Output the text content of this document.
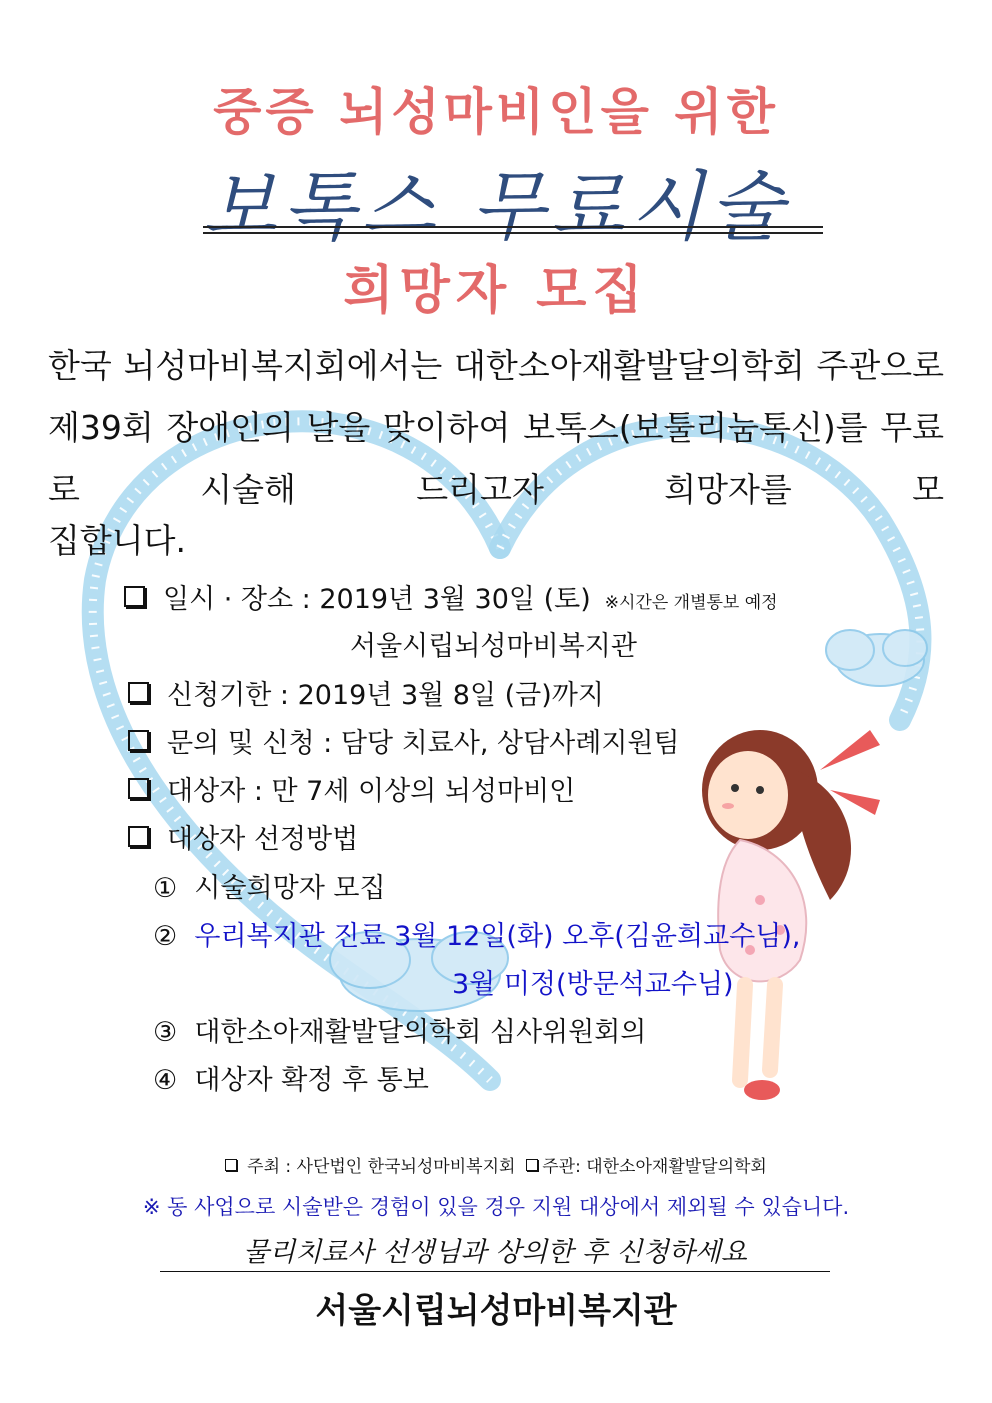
중증 뇌성마비인을 위한
보톡스 무료시술
희망자 모집
한국 뇌성마비복지회에서는 대한소아재활발달의학회 주관으로 제39회 장애인의 날을 맞이하여 보톡스(보툴리눔톡신)를 무료로 시술해 드리고자 희망자를 모
집합니다.
일시 · 장소 : 2019년 3월 30일 (토) ※시간은 개별통보 예정
서울시립뇌성마비복지관
신청기한 : 2019년 3월 8일 (금)까지
문의 및 신청 : 담당 치료사, 상담사례지원팀
대상자 : 만 7세 이상의 뇌성마비인
대상자 선정방법
① 시술희망자 모집
② 우리복지관 진료 3월 12일(화) 오후(김윤희교수님),
3월 미정(방문석교수님)
③ 대한소아재활발달의학회 심사위원회의
④ 대상자 확정 후 통보
주최 : 사단법인 한국뇌성마비복지회 주관: 대한소아재활발달의학회
※ 동 사업으로 시술받은 경험이 있을 경우 지원 대상에서 제외될 수 있습니다.
물리치료사 선생님과 상의한 후 신청하세요
서울시립뇌성마비복지관
